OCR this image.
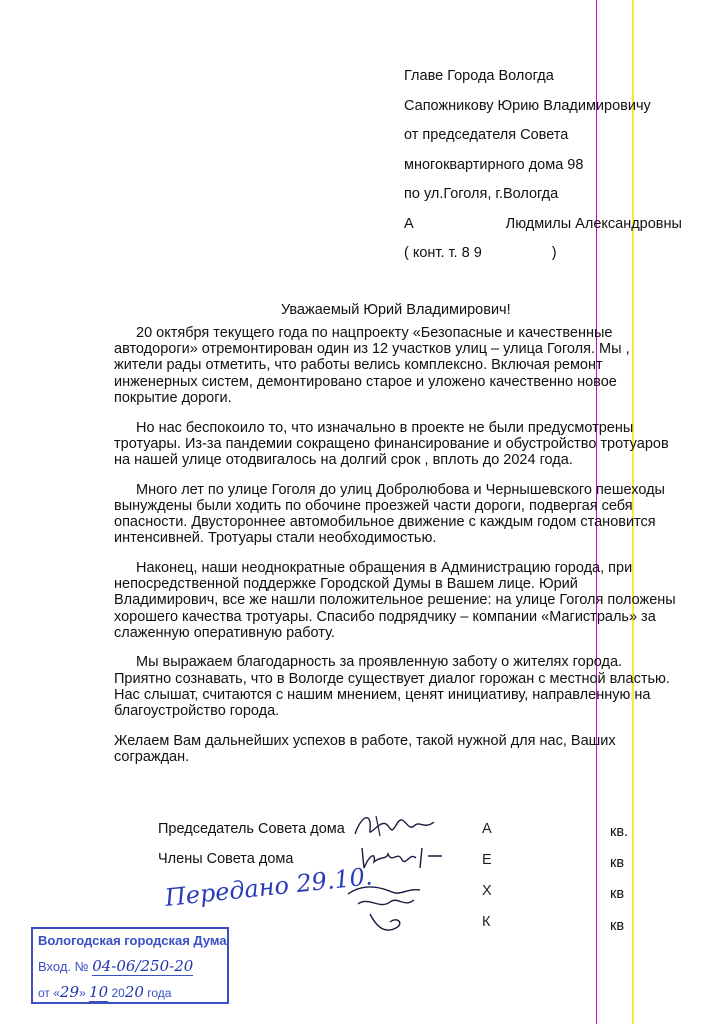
Главе Города Вологда
Сапожникову Юрию Владимировичу
от председателя Совета
многоквартирного дома 98
по ул.Гоголя, г.Вологда
А	Людмилы Александровны
( конт. т. 8 9	)
Уважаемый Юрий Владимирович!

20 октября текущего года по нацпроекту «Безопасные и качественные автодороги» отремонтирован один из 12 участков улиц – улица Гоголя. Мы , жители рады отметить, что работы велись комплексно. Включая ремонт инженерных систем, демонтировано старое и уложено качественно новое покрытие дороги.

Но нас беспокоило то, что изначально в проекте не были предусмотрены тротуары. Из-за пандемии сокращено финансирование и обустройство тротуаров на нашей улице отодвигалось на долгий срок , вплоть до 2024 года.

Много лет по улице Гоголя до улиц Добролюбова и Чернышевского пешеходы вынуждены были ходить по обочине проезжей части дороги, подвергая себя опасности. Двустороннее автомобильное движение с каждым годом становится интенсивней. Тротуары стали необходимостью.

Наконец, наши неоднократные обращения в Администрацию города, при непосредственной поддержке Городской Думы в Вашем лице. Юрий Владимирович, все же нашли положительное решение: на улице Гоголя положены хорошего качества тротуары. Спасибо подрядчику – компании «Магистраль» за слаженную оперативную работу.

Мы выражаем благодарность за проявленную заботу о жителях города. Приятно сознавать, что в Вологде существует диалог горожан с местной властью. Нас слышат, считаются с нашим мнением, ценят инициативу, направленную на благоустройство города.

Желаем Вам дальнейших успехов в работе, такой нужной для нас, Ваших сограждан.

Председатель Совета дома
Члены Совета дома
А
Е
Х
К
кв.
кв
кв
кв
Передано 29.10.
Вологодская городская Дума
Вход. № 04-06/250-20
от «29» 10 2020 года
